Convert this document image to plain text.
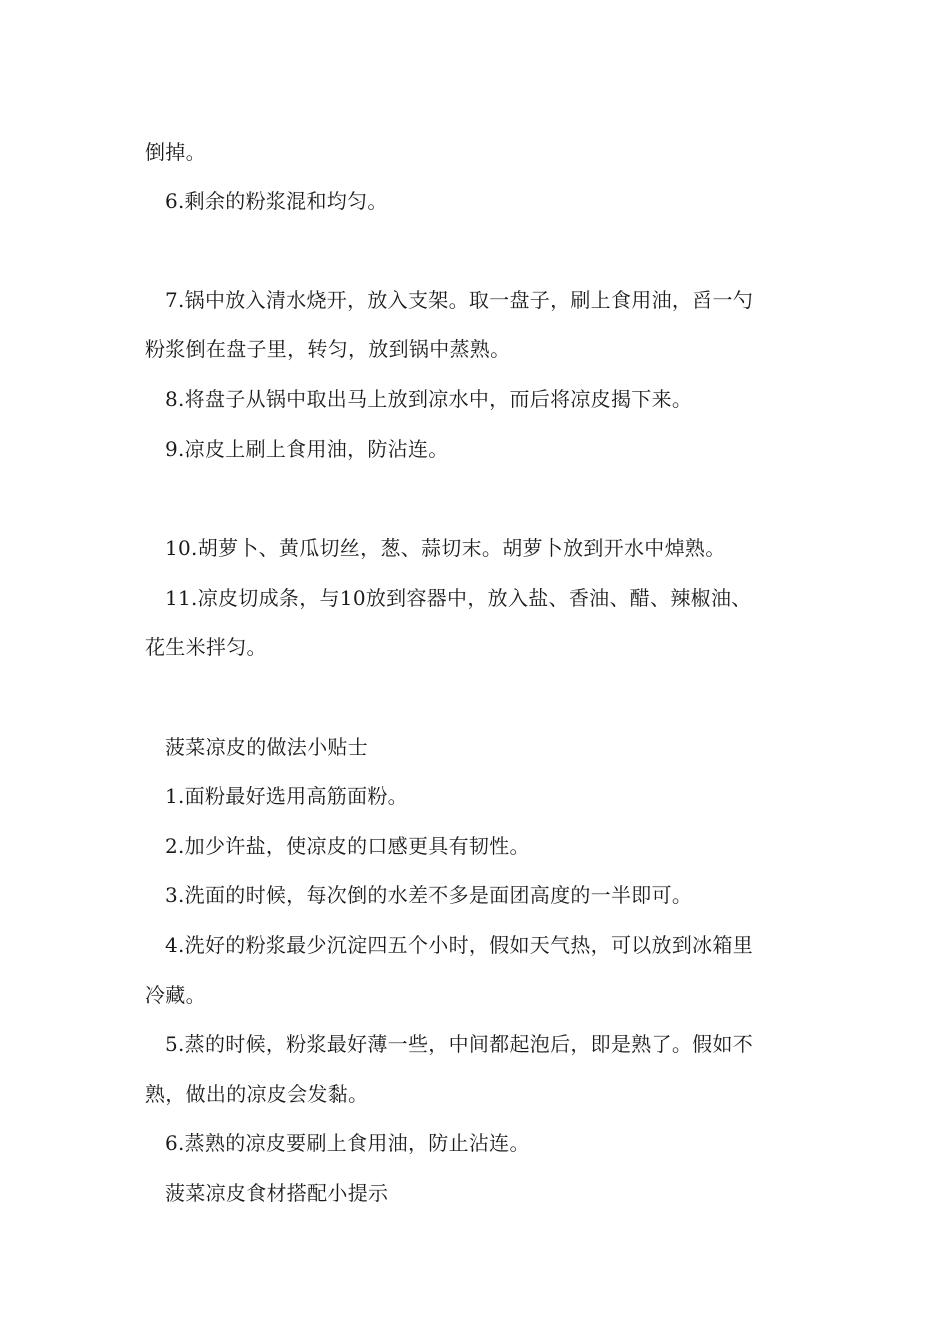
倒掉。
6.剩余的粉浆混和均匀。
7.锅中放入清水烧开，放入支架。取一盘子，刷上食用油，舀一勺
粉浆倒在盘子里，转匀，放到锅中蒸熟。
8.将盘子从锅中取出马上放到凉水中，而后将凉皮揭下来。
9.凉皮上刷上食用油，防沾连。
10.胡萝卜、黄瓜切丝，葱、蒜切末。胡萝卜放到开水中焯熟。
11.凉皮切成条，与10放到容器中，放入盐、香油、醋、辣椒油、
花生米拌匀。
菠菜凉皮的做法小贴士
1.面粉最好选用高筋面粉。
2.加少许盐，使凉皮的口感更具有韧性。
3.洗面的时候，每次倒的水差不多是面团高度的一半即可。
4.洗好的粉浆最少沉淀四五个小时，假如天气热，可以放到冰箱里
冷藏。
5.蒸的时候，粉浆最好薄一些，中间都起泡后，即是熟了。假如不
熟，做出的凉皮会发黏。
6.蒸熟的凉皮要刷上食用油，防止沾连。
菠菜凉皮食材搭配小提示
